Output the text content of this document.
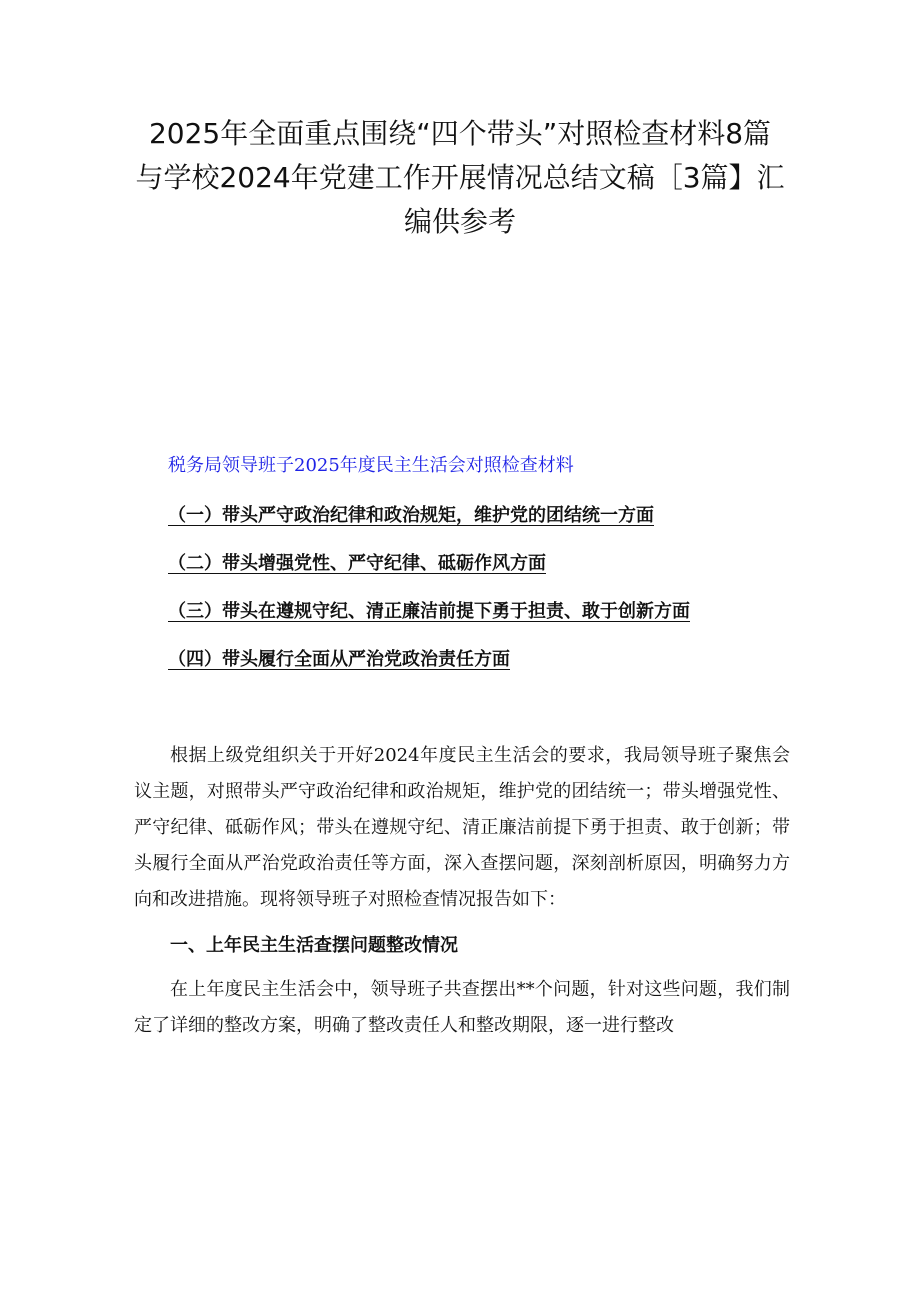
2025年全面重点围绕“四个带头”对照检查材料8篇
与学校2024年党建工作开展情况总结文稿［3篇】汇
编供参考
税务局领导班子2025年度民主生活会对照检查材料
（一）带头严守政治纪律和政治规矩，维护党的团结统一方面
（二）带头增强党性、严守纪律、砥砺作风方面
（三）带头在遵规守纪、清正廉洁前提下勇于担责、敢于创新方面
（四）带头履行全面从严治党政治责任方面

根据上级党组织关于开好2024年度民主生活会的要求，我局领导班子聚焦会议主题，对照带头严守政治纪律和政治规矩，维护党的团结统一；带头增强党性、严守纪律、砥砺作风；带头在遵规守纪、清正廉洁前提下勇于担责、敢于创新；带头履行全面从严治党政治责任等方面，深入查摆问题，深刻剖析原因，明确努力方向和改进措施。现将领导班子对照检查情况报告如下：

一、上年民主生活查摆问题整改情况

在上年度民主生活会中，领导班子共查摆出**个问题，针对这些问题，我们制定了详细的整改方案，明确了整改责任人和整改期限，逐一进行整改
